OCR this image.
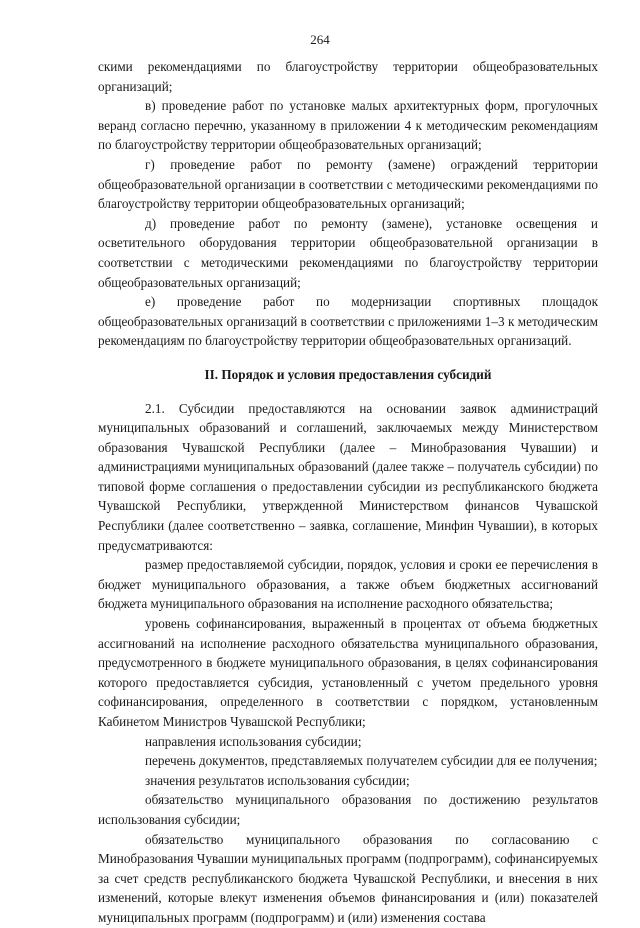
264

скими рекомендациями по благоустройству территории общеобразовательных организаций;

в) проведение работ по установке малых архитектурных форм, прогулочных веранд согласно перечню, указанному в приложении 4 к методическим рекомендациям по благоустройству территории общеобразовательных организаций;

г) проведение работ по ремонту (замене) ограждений территории общеобразовательной организации в соответствии с методическими рекомендациями по благоустройству территории общеобразовательных организаций;

д) проведение работ по ремонту (замене), установке освещения и осветительного оборудования территории общеобразовательной организации в соответствии с методическими рекомендациями по благоустройству территории общеобразовательных организаций;

е) проведение работ по модернизации спортивных площадок общеобразовательных организаций в соответствии с приложениями 1–3 к методическим рекомендациям по благоустройству территории общеобразовательных организаций.

II. Порядок и условия предоставления субсидий

2.1. Субсидии предоставляются на основании заявок администраций муниципальных образований и соглашений, заключаемых между Министерством образования Чувашской Республики (далее – Минобразования Чувашии) и администрациями муниципальных образований (далее также – получатель субсидии) по типовой форме соглашения о предоставлении субсидии из республиканского бюджета Чувашской Республики, утвержденной Министерством финансов Чувашской Республики (далее соответственно – заявка, соглашение, Минфин Чувашии), в которых предусматриваются:

размер предоставляемой субсидии, порядок, условия и сроки ее перечисления в бюджет муниципального образования, а также объем бюджетных ассигнований бюджета муниципального образования на исполнение расходного обязательства;

уровень софинансирования, выраженный в процентах от объема бюджетных ассигнований на исполнение расходного обязательства муниципального образования, предусмотренного в бюджете муниципального образования, в целях софинансирования которого предоставляется субсидия, установленный с учетом предельного уровня софинансирования, определенного в соответствии с порядком, установленным Кабинетом Министров Чувашской Республики;

направления использования субсидии;

перечень документов, представляемых получателем субсидии для ее получения;

значения результатов использования субсидии;

обязательство муниципального образования по достижению результатов использования субсидии;

обязательство муниципального образования по согласованию с Минобразования Чувашии муниципальных программ (подпрограмм), софинансируемых за счет средств республиканского бюджета Чувашской Республики, и внесения в них изменений, которые влекут изменения объемов финансирования и (или) показателей муниципальных программ (подпрограмм) и (или) изменения состава
